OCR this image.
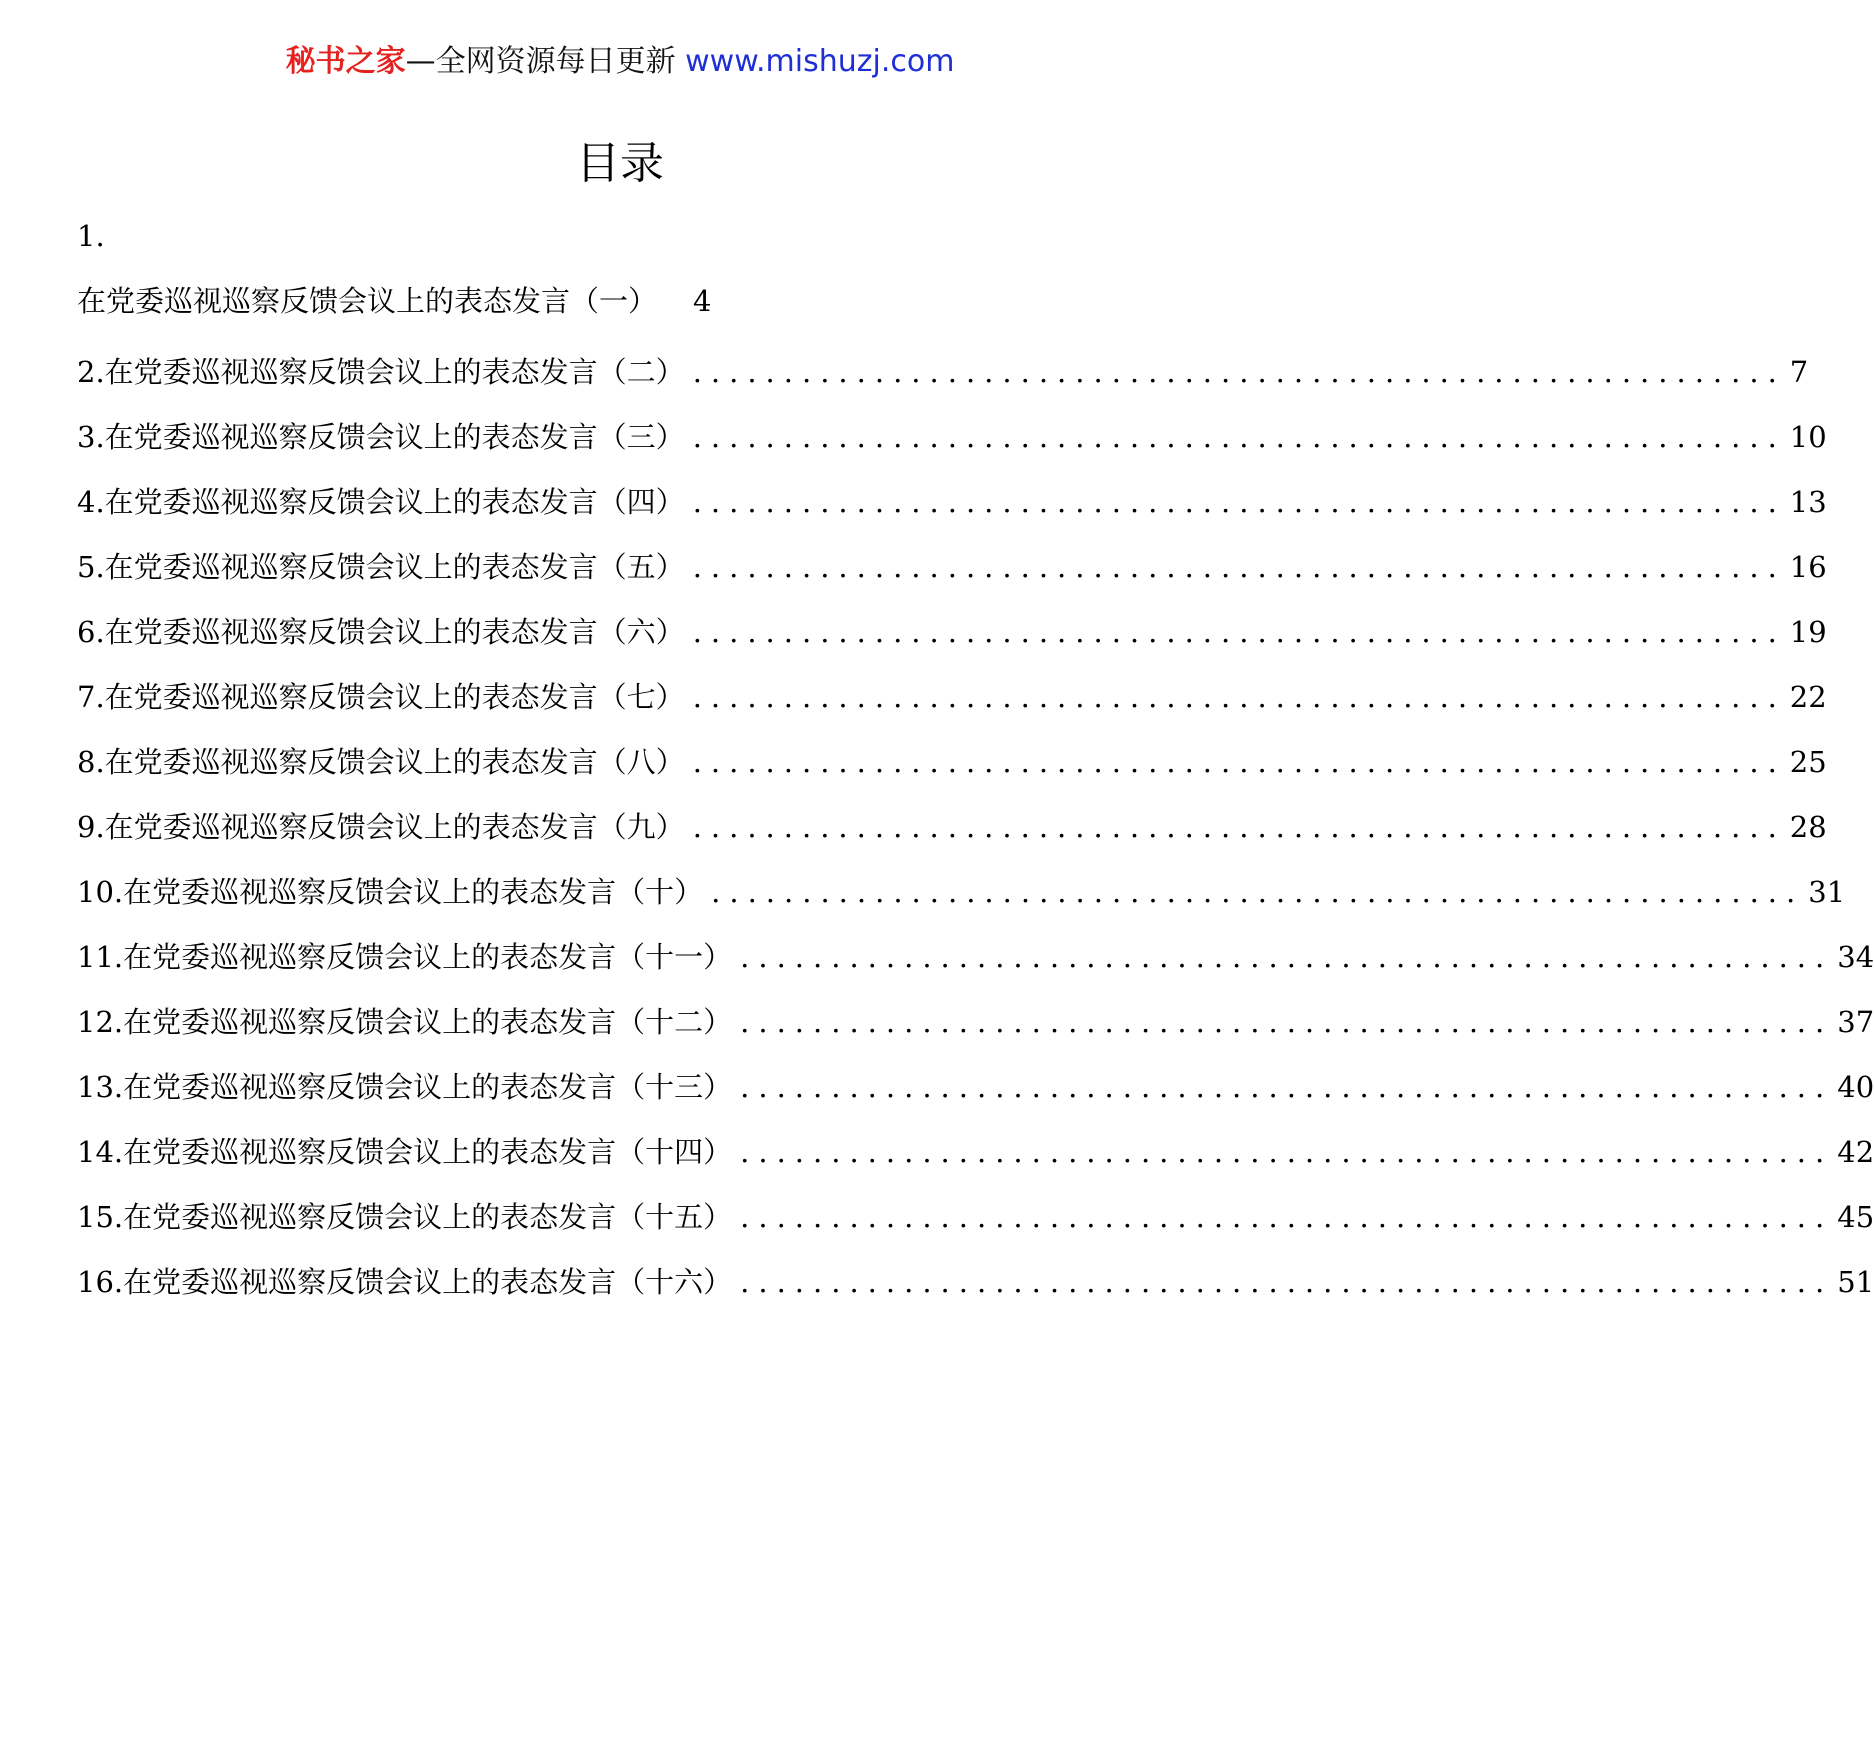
秘书之家—全网资源每日更新 www.mishuzj.com
目录
1.
在党委巡视巡察反馈会议上的表态发言（一） 4
2. 在党委巡视巡察反馈会议上的表态发言（二） ............................................................ 7
3. 在党委巡视巡察反馈会议上的表态发言（三） ............................................................ 10
4. 在党委巡视巡察反馈会议上的表态发言（四） ............................................................ 13
5. 在党委巡视巡察反馈会议上的表态发言（五） ............................................................ 16
6. 在党委巡视巡察反馈会议上的表态发言（六） ............................................................ 19
7. 在党委巡视巡察反馈会议上的表态发言（七） ............................................................ 22
8. 在党委巡视巡察反馈会议上的表态发言（八） ............................................................ 25
9. 在党委巡视巡察反馈会议上的表态发言（九） ............................................................ 28
10. 在党委巡视巡察反馈会议上的表态发言（十） ............................................................ 31
11. 在党委巡视巡察反馈会议上的表态发言（十一） ............................................................ 34
12. 在党委巡视巡察反馈会议上的表态发言（十二） ............................................................ 37
13. 在党委巡视巡察反馈会议上的表态发言（十三） ............................................................ 40
14. 在党委巡视巡察反馈会议上的表态发言（十四） ............................................................ 42
15. 在党委巡视巡察反馈会议上的表态发言（十五） ............................................................ 45
16. 在党委巡视巡察反馈会议上的表态发言（十六） ............................................................ 51
